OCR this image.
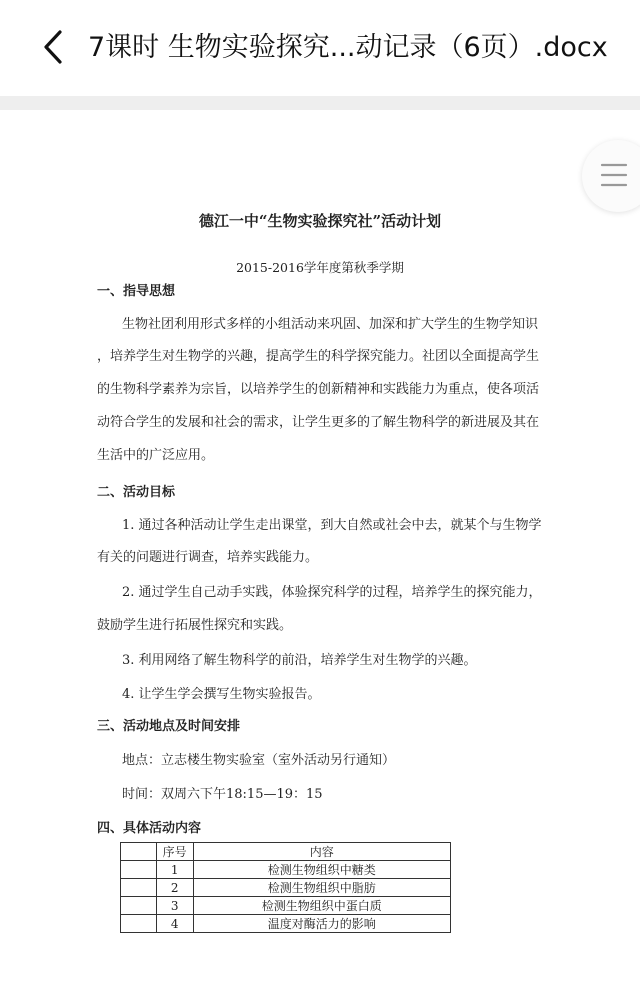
7课时 生物实验探究...动记录（6页）.docx
德江一中“生物实验探究社”活动计划
2015-2016学年度第秋季学期
一、指导思想
生物社团利用形式多样的小组活动来巩固、加深和扩大学生的生物学知识
，培养学生对生物学的兴趣，提高学生的科学探究能力。社团以全面提高学生
的生物科学素养为宗旨，以培养学生的创新精神和实践能力为重点，使各项活
动符合学生的发展和社会的需求，让学生更多的了解生物科学的新进展及其在
生活中的广泛应用。
二、活动目标
1. 通过各种活动让学生走出课堂，到大自然或社会中去，就某个与生物学
有关的问题进行调查，培养实践能力。
2. 通过学生自己动手实践，体验探究科学的过程，培养学生的探究能力，
鼓励学生进行拓展性探究和实践。
3. 利用网络了解生物科学的前沿，培养学生对生物学的兴趣。
4. 让学生学会撰写生物实验报告。
三、活动地点及时间安排
地点：立志楼生物实验室（室外活动另行通知）
时间：双周六下午18:15—19：15
四、具体活动内容
	序号	内容
	1	检测生物组织中糖类
	2	检测生物组织中脂肪
	3	检测生物组织中蛋白质
	4	温度对酶活力的影响
